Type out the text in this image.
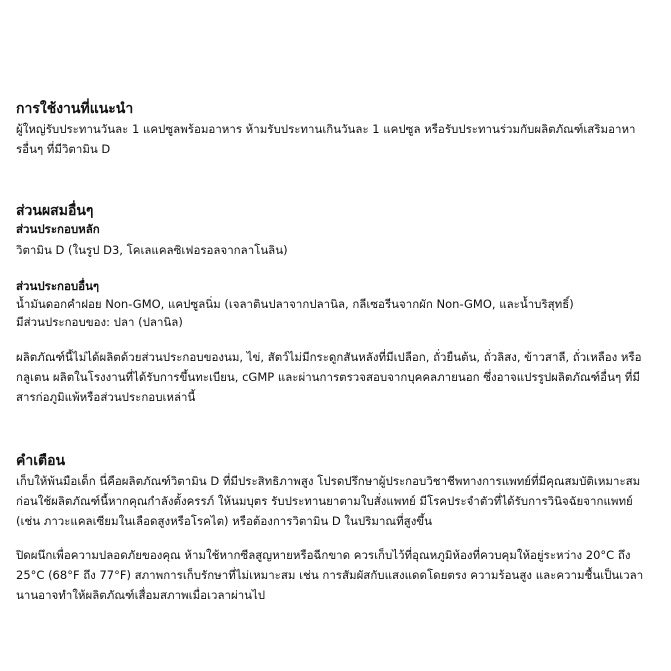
การใช้งานที่แนะนำ

ผู้ใหญ่รับประทานวันละ 1 แคปซูลพร้อมอาหาร ห้ามรับประทานเกินวันละ 1 แคปซูล หรือรับประทานร่วมกับผลิตภัณฑ์เสริมอาหา
รอื่นๆ ที่มีวิตามิน D

ส่วนผสมอื่นๆ

ส่วนประกอบหลัก

วิตามิน D (ในรูป D3, โคเลแคลซิเฟอรอลจากลาโนลิน)

ส่วนประกอบอื่นๆ

น้ำมันดอกคำฝอย Non-GMO, แคปซูลนิ่ม (เจลาตินปลาจากปลานิล, กลีเซอรีนจากผัก Non-GMO, และน้ำบริสุทธิ์)

มีส่วนประกอบของ: ปลา (ปลานิล)

ผลิตภัณฑ์นี้ไม่ได้ผลิตด้วยส่วนประกอบของนม, ไข่, สัตว์ไม่มีกระดูกสันหลังที่มีเปลือก, ถั่วยืนต้น, ถั่วลิสง, ข้าวสาลี, ถั่วเหลือง หรือ
กลูเตน ผลิตในโรงงานที่ได้รับการขึ้นทะเบียน, cGMP และผ่านการตรวจสอบจากบุคคลภายนอก ซึ่งอาจแปรรูปผลิตภัณฑ์อื่นๆ ที่มี
สารก่อภูมิแพ้หรือส่วนประกอบเหล่านี้

คำเตือน

เก็บให้พ้นมือเด็ก นี่คือผลิตภัณฑ์วิตามิน D ที่มีประสิทธิภาพสูง โปรดปรึกษาผู้ประกอบวิชาชีพทางการแพทย์ที่มีคุณสมบัติเหมาะสม
ก่อนใช้ผลิตภัณฑ์นี้หากคุณกำลังตั้งครรภ์ ให้นมบุตร รับประทานยาตามใบสั่งแพทย์ มีโรคประจำตัวที่ได้รับการวินิจฉัยจากแพทย์
(เช่น ภาวะแคลเซียมในเลือดสูงหรือโรคไต) หรือต้องการวิตามิน D ในปริมาณที่สูงขึ้น

ปิดผนึกเพื่อความปลอดภัยของคุณ ห้ามใช้หากซีลสูญหายหรือฉีกขาด ควรเก็บไว้ที่อุณหภูมิห้องที่ควบคุมให้อยู่ระหว่าง 20°C ถึง
25°C (68°F ถึง 77°F) สภาพการเก็บรักษาที่ไม่เหมาะสม เช่น การสัมผัสกับแสงแดดโดยตรง ความร้อนสูง และความชื้นเป็นเวลา
นานอาจทำให้ผลิตภัณฑ์เสื่อมสภาพเมื่อเวลาผ่านไป
